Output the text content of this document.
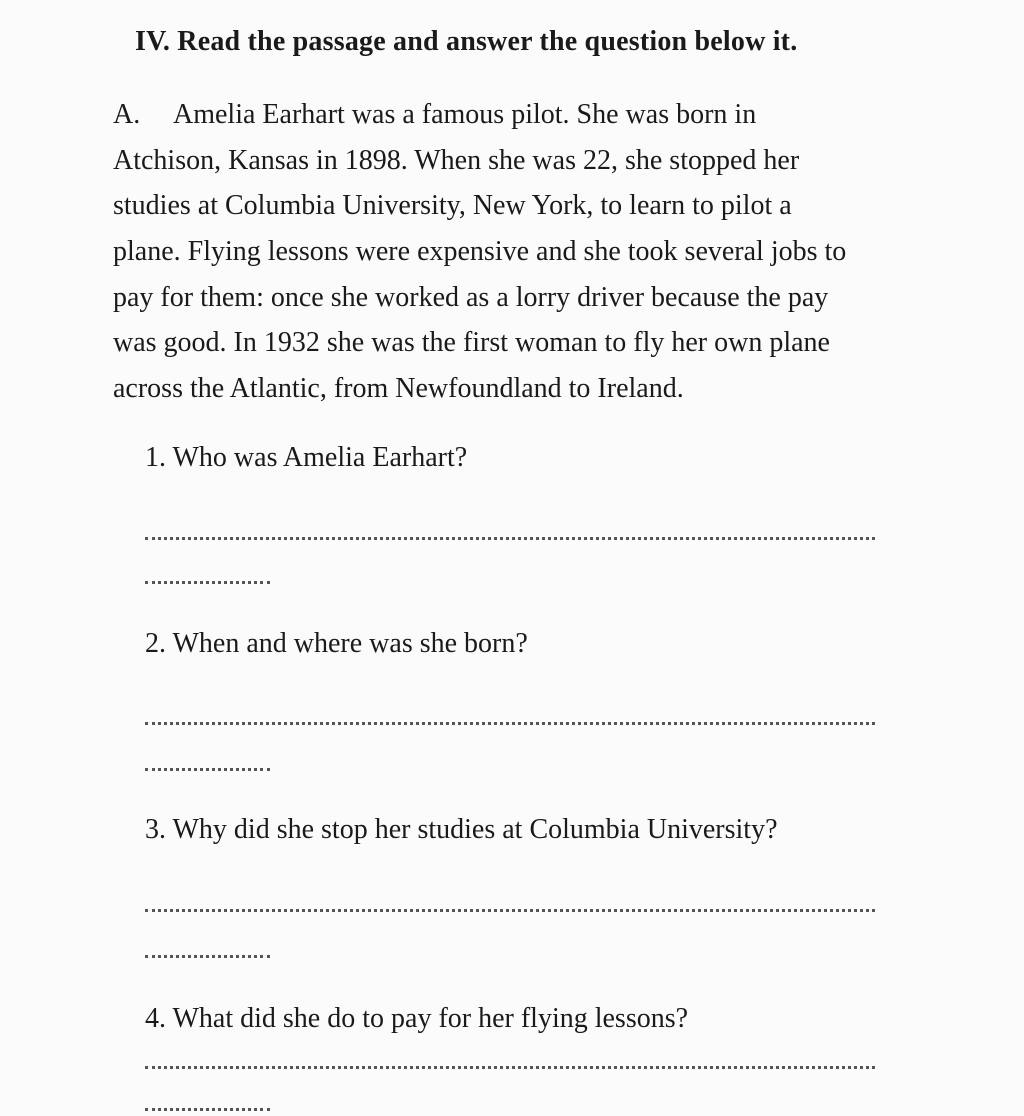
IV. Read the passage and answer the question below it.
A. Amelia Earhart was a famous pilot. She was born in
Atchison, Kansas in 1898. When she was 22, she stopped her
studies at Columbia University, New York, to learn to pilot a
plane. Flying lessons were expensive and she took several jobs to
pay for them: once she worked as a lorry driver because the pay
was good. In 1932 she was the first woman to fly her own plane
across the Atlantic, from Newfoundland to Ireland.
1. Who was Amelia Earhart?
2. When and where was she born?
3. Why did she stop her studies at Columbia University?
4. What did she do to pay for her flying lessons?
